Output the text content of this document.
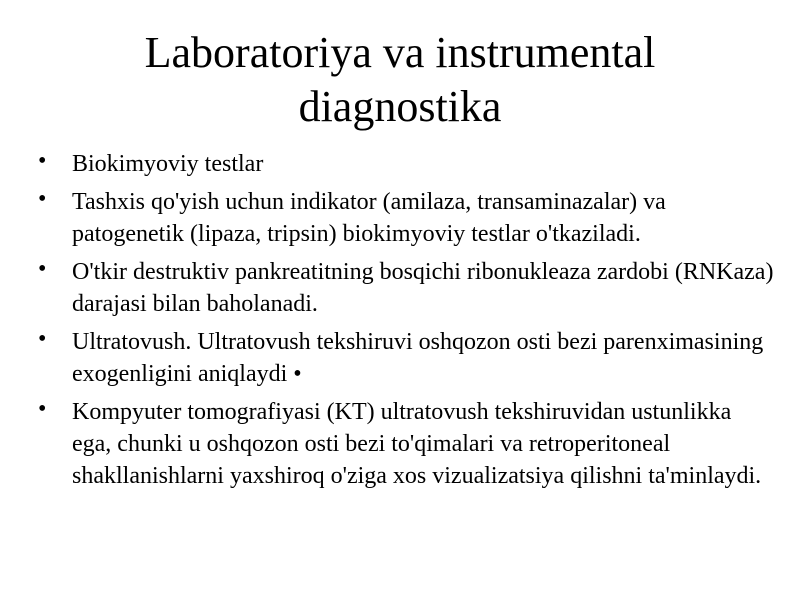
Laboratoriya va instrumental diagnostika
• Biokimyoviy testlar
• Tashxis qo'yish uchun indikator (amilaza, transaminazalar) va patogenetik (lipaza, tripsin) biokimyoviy testlar o'tkaziladi.
• O'tkir destruktiv pankreatitning bosqichi ribonukleaza zardobi (RNKaza) darajasi bilan baholanadi.
• Ultratovush. Ultratovush tekshiruvi oshqozon osti bezi parenximasining exogenligini aniqlaydi •
• Kompyuter tomografiyasi (KT) ultratovush tekshiruvidan ustunlikka ega, chunki u oshqozon osti bezi to'qimalari va retroperitoneal shakllanishlarni yaxshiroq o'ziga xos vizualizatsiya qilishni ta'minlaydi.
